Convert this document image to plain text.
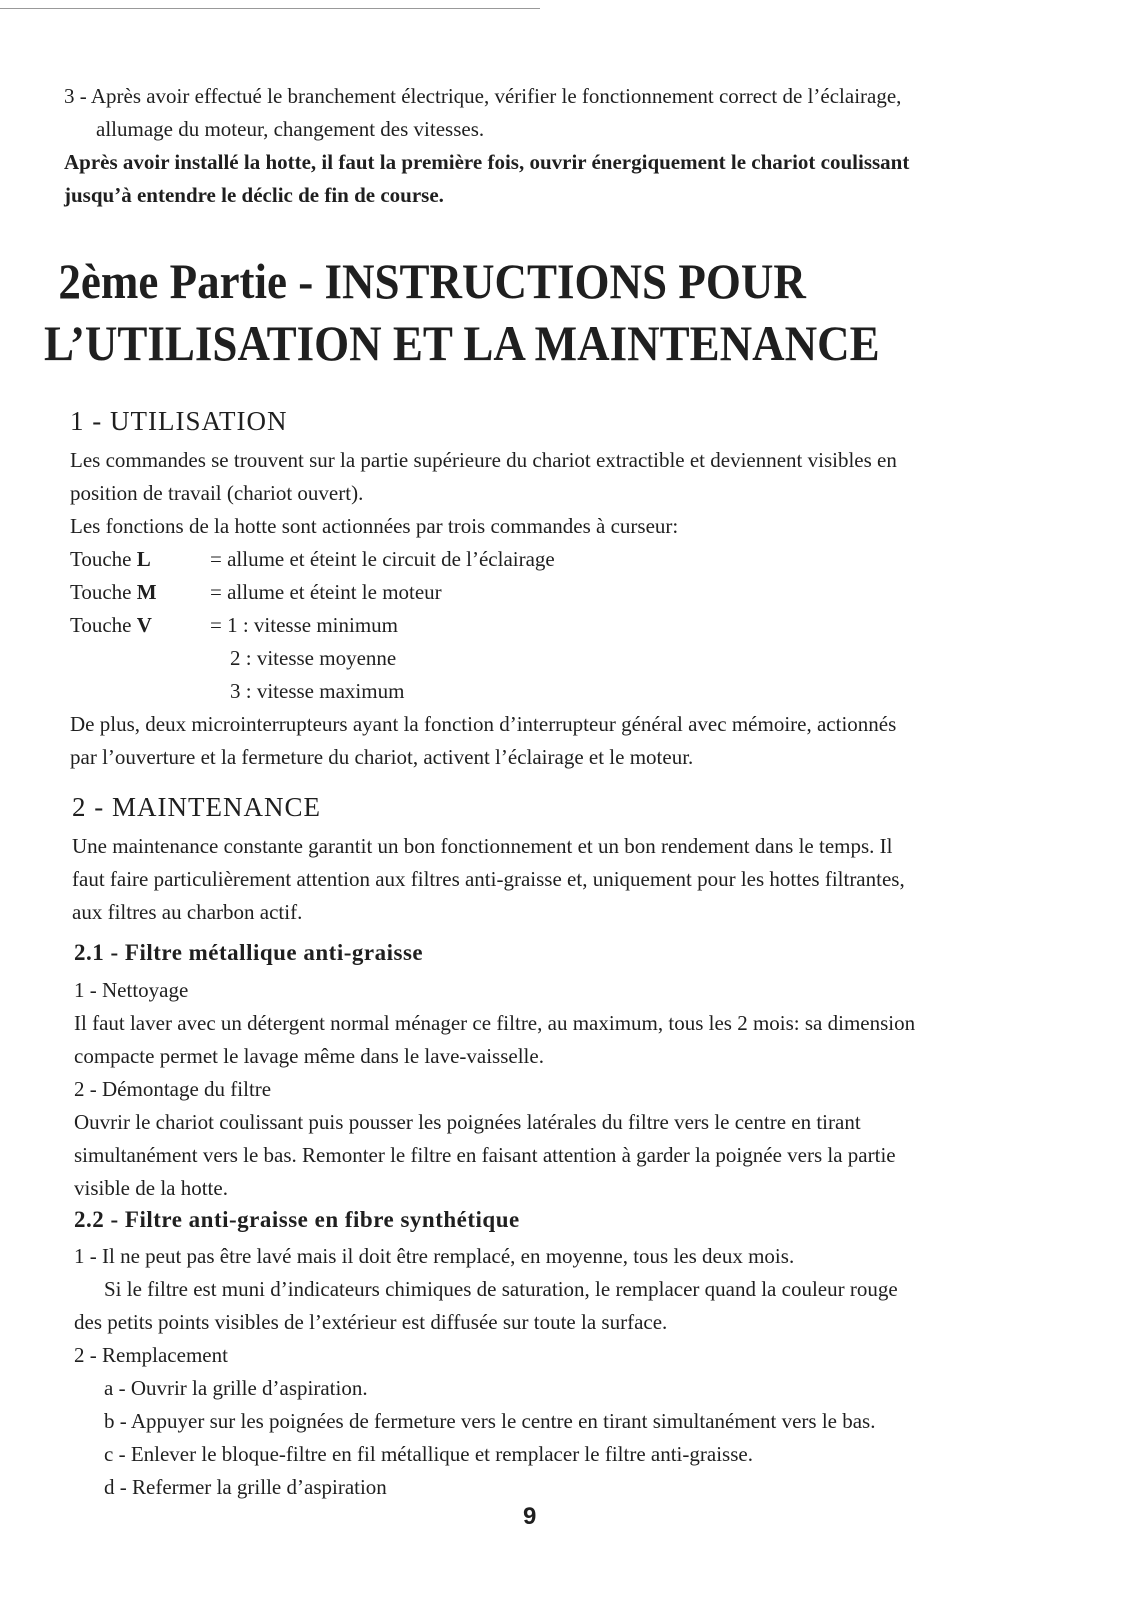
3 - Après avoir effectué le branchement électrique, vérifier le fonctionnement correct de l’éclairage,
allumage du moteur, changement des vitesses.
Après avoir installé la hotte, il faut la première fois, ouvrir énergiquement le chariot coulissant
jusqu’à entendre le déclic de fin de course.
2ème Partie - INSTRUCTIONS POUR
L’UTILISATION ET LA MAINTENANCE
1 - UTILISATION
Les commandes se trouvent sur la partie supérieure du chariot extractible et deviennent visibles en
position de travail (chariot ouvert).
Les fonctions de la hotte sont actionnées par trois commandes à curseur:
Touche L	= allume et éteint le circuit de l’éclairage
Touche M	= allume et éteint le moteur
Touche V	= 1 : vitesse minimum
2 : vitesse moyenne
3 : vitesse maximum
De plus, deux microinterrupteurs ayant la fonction d’interrupteur général avec mémoire, actionnés
par l’ouverture et la fermeture du chariot, activent l’éclairage et le moteur.
2 - MAINTENANCE
Une maintenance constante garantit un bon fonctionnement et un bon rendement dans le temps. Il
faut faire particulièrement attention aux filtres anti-graisse et, uniquement pour les hottes filtrantes,
aux filtres au charbon actif.
2.1 - Filtre métallique anti-graisse
1 - Nettoyage
Il faut laver avec un détergent normal ménager ce filtre, au maximum, tous les 2 mois: sa dimension
compacte permet le lavage même dans le lave-vaisselle.
2 - Démontage du filtre
Ouvrir le chariot coulissant puis pousser les poignées latérales du filtre vers le centre en tirant
simultanément vers le bas. Remonter le filtre en faisant attention à garder la poignée vers la partie
visible de la hotte.
2.2 - Filtre anti-graisse en fibre synthétique
1 - Il ne peut pas être lavé mais il doit être remplacé, en moyenne, tous les deux mois.
Si le filtre est muni d’indicateurs chimiques de saturation, le remplacer quand la couleur rouge
des petits points visibles de l’extérieur est diffusée sur toute la surface.
2 - Remplacement
a - Ouvrir la grille d’aspiration.
b - Appuyer sur les poignées de fermeture vers le centre en tirant simultanément vers le bas.
c - Enlever le bloque-filtre en fil métallique et remplacer le filtre anti-graisse.
d - Refermer la grille d’aspiration

9
